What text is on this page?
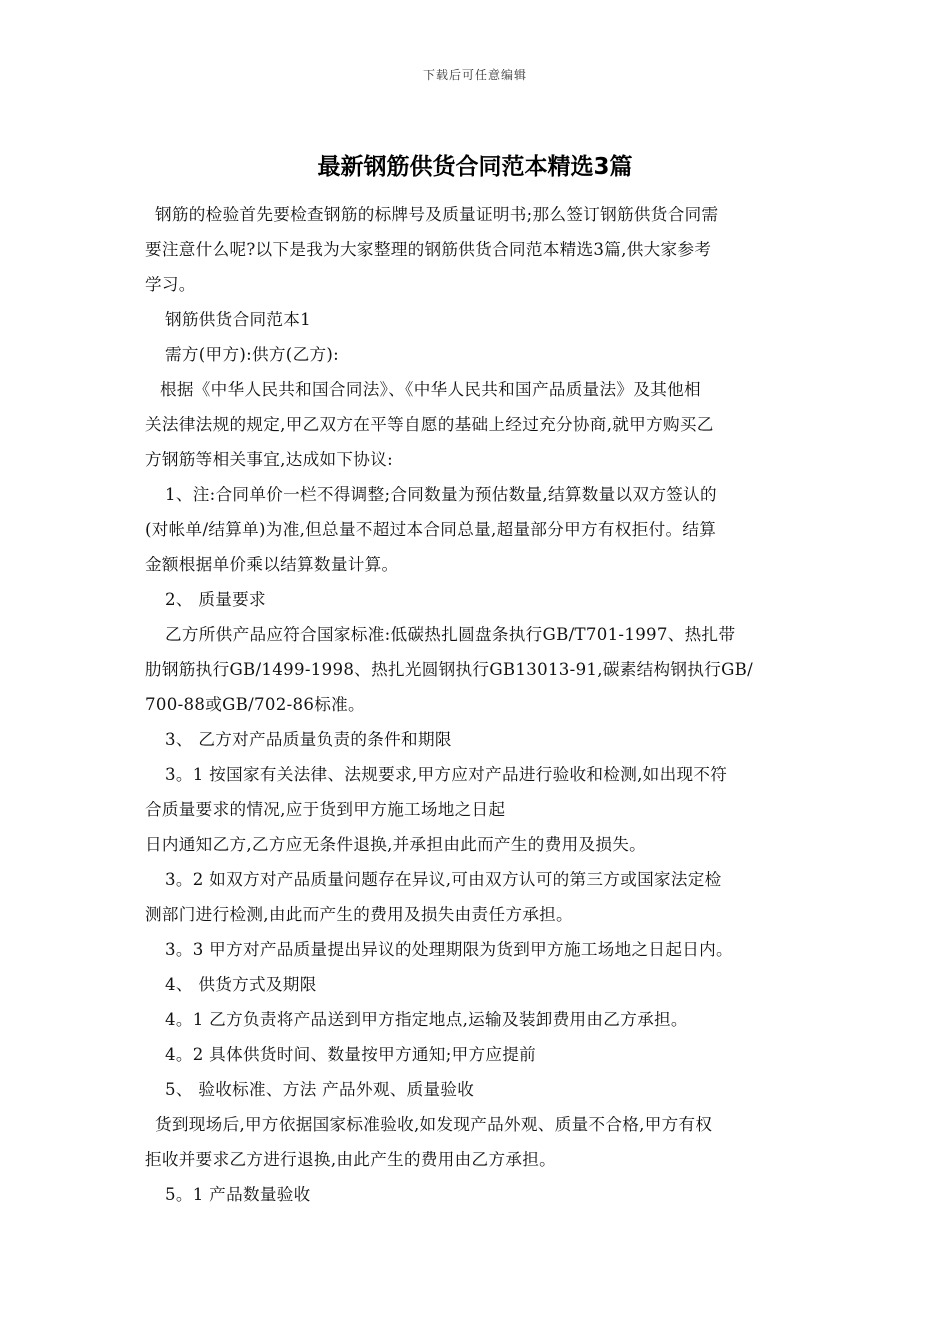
下载后可任意编辑
最新钢筋供货合同范本精选3篇

钢筋的检验首先要检查钢筋的标牌号及质量证明书;那么签订钢筋供货合同需

要注意什么呢?以下是我为大家整理的钢筋供货合同范本精选3篇,供大家参考

学习。

钢筋供货合同范本1

需方(甲方):供方(乙方):

根据《中华人民共和国合同法》、《中华人民共和国产品质量法》及其他相

关法律法规的规定,甲乙双方在平等自愿的基础上经过充分协商,就甲方购买乙

方钢筋等相关事宜,达成如下协议:

1、注:合同单价一栏不得调整;合同数量为预估数量,结算数量以双方签认的

(对帐单/结算单)为准,但总量不超过本合同总量,超量部分甲方有权拒付。结算

金额根据单价乘以结算数量计算。

2、 质量要求

乙方所供产品应符合国家标准:低碳热扎圆盘条执行GB/T701-1997、热扎带

肋钢筋执行GB/1499-1998、热扎光圆钢执行GB13013-91,碳素结构钢执行GB/

700-88或GB/702-86标准。

3、 乙方对产品质量负责的条件和期限

3。1 按国家有关法律、法规要求,甲方应对产品进行验收和检测,如出现不符

合质量要求的情况,应于货到甲方施工场地之日起

日内通知乙方,乙方应无条件退换,并承担由此而产生的费用及损失。

3。2 如双方对产品质量问题存在异议,可由双方认可的第三方或国家法定检

测部门进行检测,由此而产生的费用及损失由责任方承担。

3。3 甲方对产品质量提出异议的处理期限为货到甲方施工场地之日起日内。

4、 供货方式及期限

4。1 乙方负责将产品送到甲方指定地点,运输及装卸费用由乙方承担。

4。2 具体供货时间、数量按甲方通知;甲方应提前

5、 验收标准、方法 产品外观、质量验收

货到现场后,甲方依据国家标准验收,如发现产品外观、质量不合格,甲方有权

拒收并要求乙方进行退换,由此产生的费用由乙方承担。

5。1 产品数量验收
